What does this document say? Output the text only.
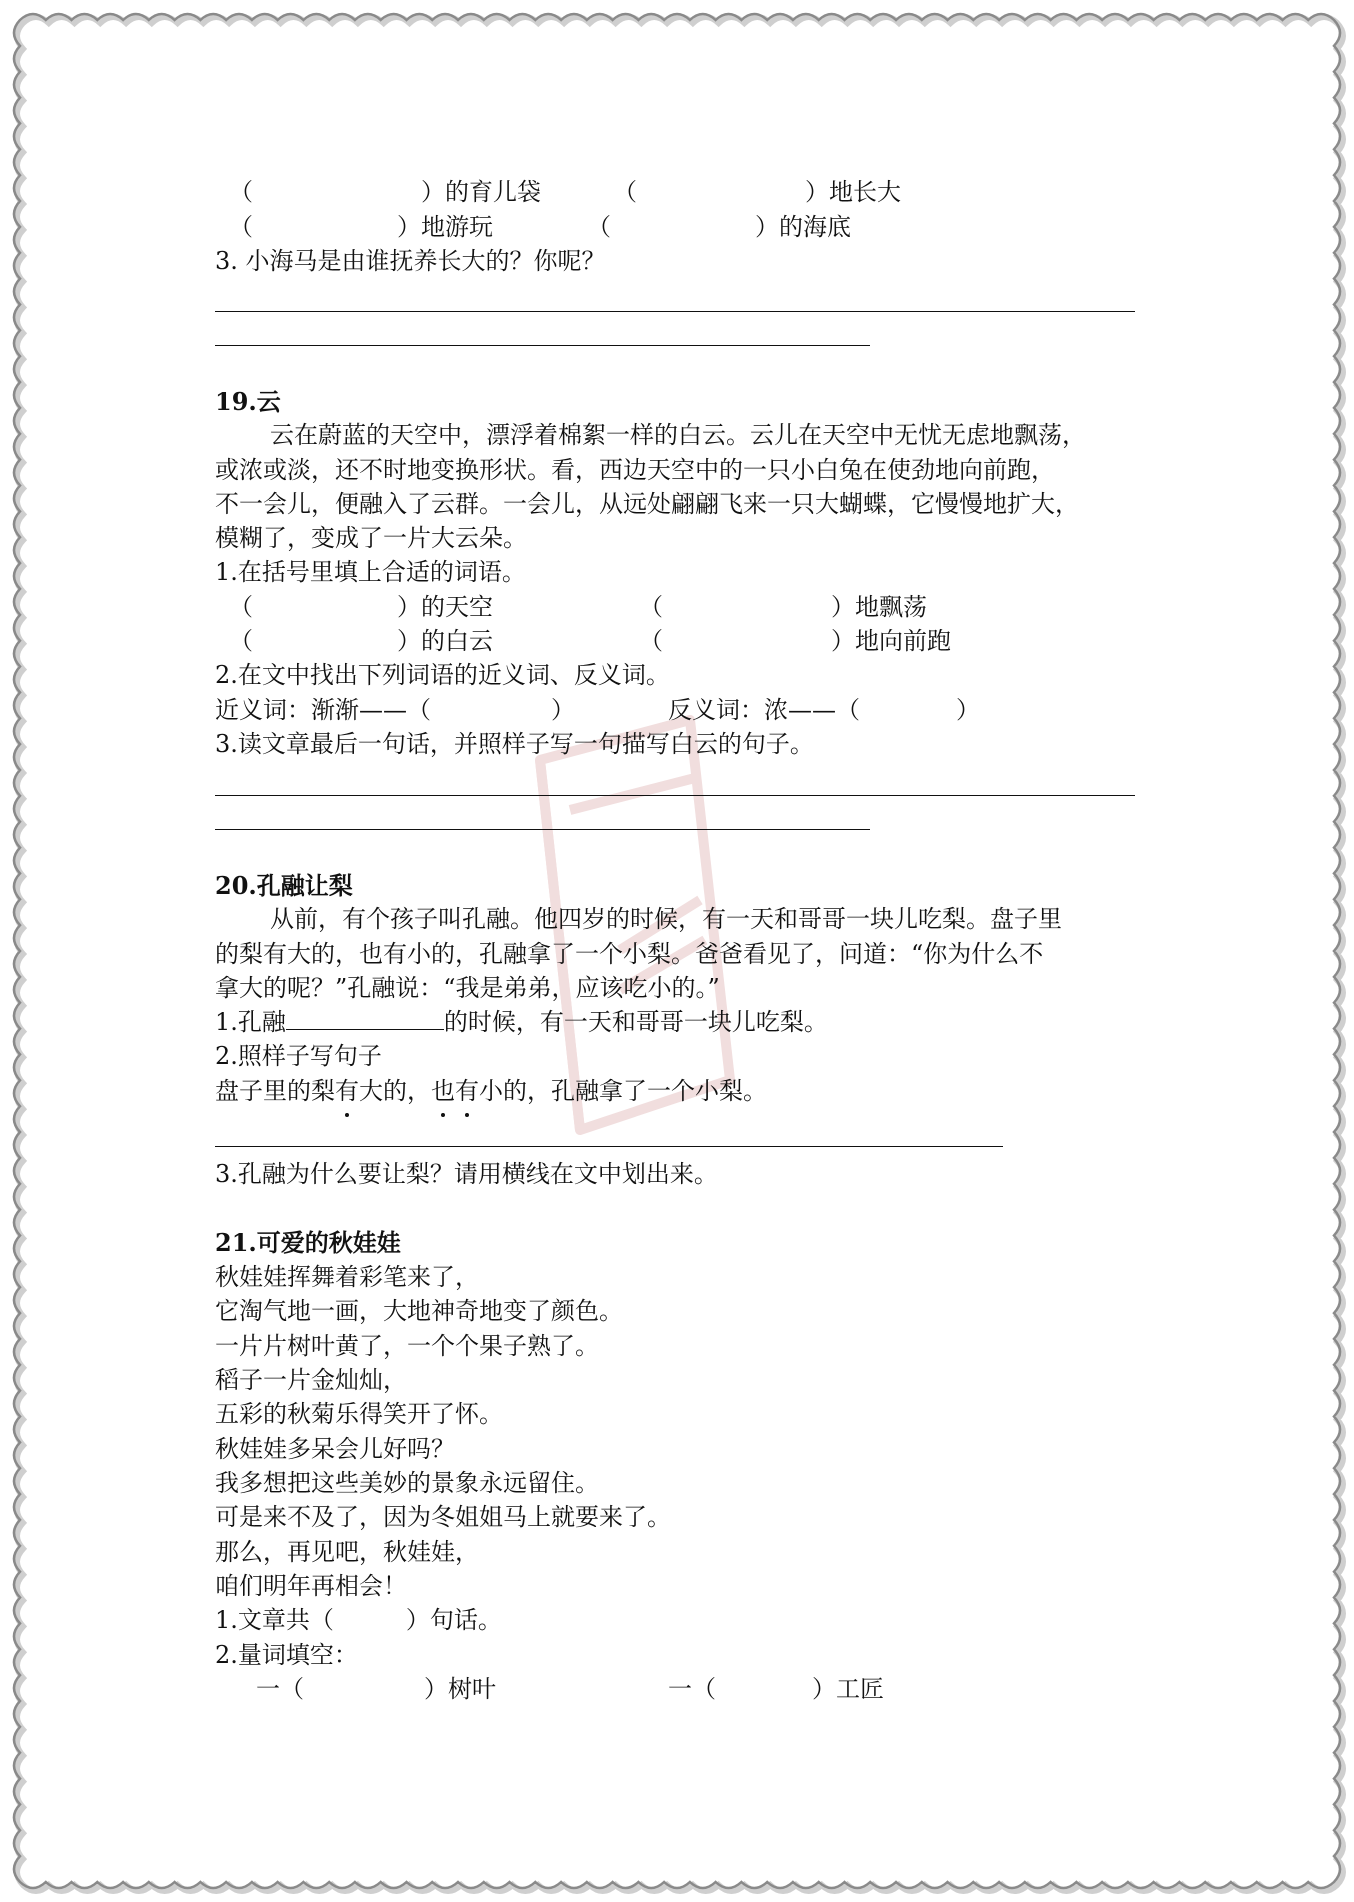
（　　　　　　　）的育儿袋	（　　　　　　　）地长大
（　　　　　　）地游玩	（　　　　　　）的海底
3. 小海马是由谁抚养长大的？你呢？
19.云
云在蔚蓝的天空中，漂浮着棉絮一样的白云。云儿在天空中无忧无虑地飘荡，
或浓或淡，还不时地变换形状。看，西边天空中的一只小白兔在使劲地向前跑，
不一会儿，便融入了云群。一会儿，从远处翩翩飞来一只大蝴蝶，它慢慢地扩大，
模糊了，变成了一片大云朵。
1.在括号里填上合适的词语。
（　　　　　　）的天空	（　　　　　　　）地飘荡
（　　　　　　）的白云	（　　　　　　　）地向前跑
2.在文中找出下列词语的近义词、反义词。
近义词：渐渐——（　　　　　）	反义词：浓——（　　　　）
3.读文章最后一句话，并照样子写一句描写白云的句子。
20.孔融让梨
从前，有个孩子叫孔融。他四岁的时候，有一天和哥哥一块儿吃梨。盘子里
的梨有大的，也有小的，孔融拿了一个小梨。爸爸看见了，问道：“你为什么不
拿大的呢？”孔融说：“我是弟弟，应该吃小的。”
1.孔融	的时候，有一天和哥哥一块儿吃梨。
2.照样子写句子
盘子里的梨有大的，也有小的，孔融拿了一个小梨。
3.孔融为什么要让梨？请用横线在文中划出来。
21.可爱的秋娃娃
秋娃娃挥舞着彩笔来了，
它淘气地一画，大地神奇地变了颜色。
一片片树叶黄了，一个个果子熟了。
稻子一片金灿灿，
五彩的秋菊乐得笑开了怀。
秋娃娃多呆会儿好吗？
我多想把这些美妙的景象永远留住。
可是来不及了，因为冬姐姐马上就要来了。
那么，再见吧，秋娃娃，
咱们明年再相会！
1.文章共（　　　）句话。
2.量词填空：
一（　　　　　）树叶	一（　　　　）工匠
